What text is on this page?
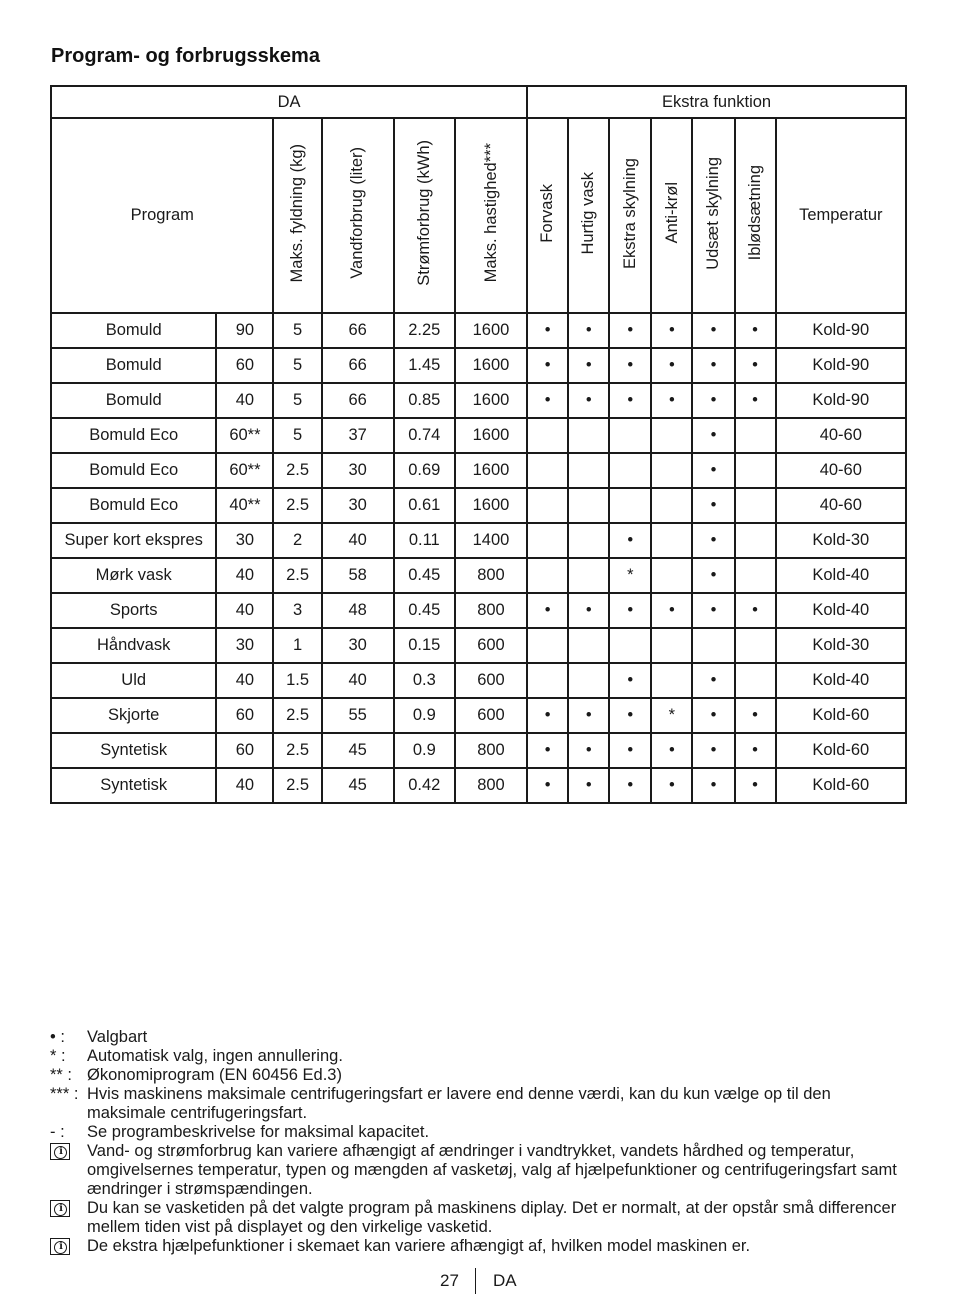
Program- og forbrugsskema
DA						Ekstra funktion						
Program		Maks. fyldning (kg)	Vandforbrug (liter)	Strømforbrug (kWh)	Maks. hastighed***	Forvask	Hurtig vask	Ekstra skylning	Anti-krøl	Udsæt skylning	Iblødsætning	Temperatur
Bomuld	90	5	66	2.25	1600	•	•	•	•	•	•	Kold-90
Bomuld	60	5	66	1.45	1600	•	•	•	•	•	•	Kold-90
Bomuld	40	5	66	0.85	1600	•	•	•	•	•	•	Kold-90
Bomuld Eco	60**	5	37	0.74	1600					•		40-60
Bomuld Eco	60**	2.5	30	0.69	1600					•		40-60
Bomuld Eco	40**	2.5	30	0.61	1600					•		40-60
Super kort ekspres	30	2	40	0.11	1400			•		•		Kold-30
Mørk vask	40	2.5	58	0.45	800			*		•		Kold-40
Sports	40	3	48	0.45	800	•	•	•	•	•	•	Kold-40
Håndvask	30	1	30	0.15	600							Kold-30
Uld	40	1.5	40	0.3	600			•		•		Kold-40
Skjorte	60	2.5	55	0.9	600	•	•	•	*	•	•	Kold-60
Syntetisk	60	2.5	45	0.9	800	•	•	•	•	•	•	Kold-60
Syntetisk	40	2.5	45	0.42	800	•	•	•	•	•	•	Kold-60
• :	Valgbart
* :	Automatisk valg, ingen annullering.
** : Økonomiprogram (EN 60456 Ed.3)
*** : Hvis maskinens maksimale centrifugeringsfart er lavere end denne værdi, kan du kun vælge op til den maksimale centrifugeringsfart.
- :	Se programbeskrivelse for maksimal kapacitet.
i	Vand- og strømforbrug kan variere afhængigt af ændringer i vandtrykket, vandets hårdhed og temperatur, omgivelsernes temperatur, typen og mængden af vasketøj, valg af hjælpefunktioner og centrifugeringsfart samt ændringer i strømspændingen.
i	Du kan se vasketiden på det valgte program på maskinens diplay. Det er normalt, at der opstår små differencer mellem tiden vist på displayet og den virkelige vasketid.
i	De ekstra hjælpefunktioner i skemaet kan variere afhængigt af, hvilken model maskinen er.
27 DA
